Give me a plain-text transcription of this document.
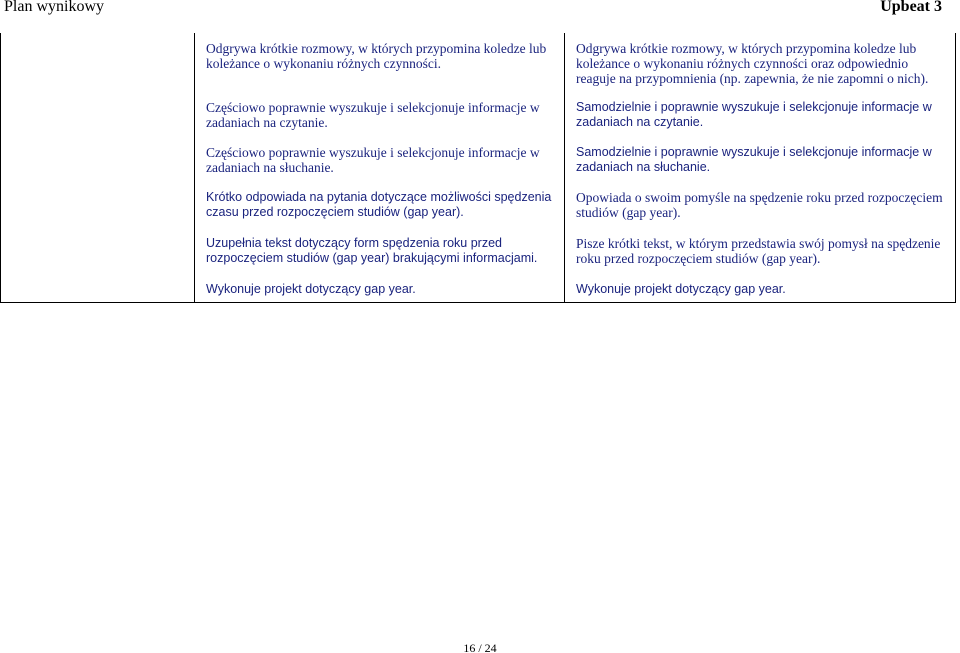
Plan wynikowy	Upbeat 3

Odgrywa krótkie rozmowy, w których przypomina koledze lub koleżance o wykonaniu różnych czynności.

Częściowo poprawnie wyszukuje i selekcjonuje informacje w zadaniach na czytanie.

Częściowo poprawnie wyszukuje i selekcjonuje informacje w zadaniach na słuchanie.

Krótko odpowiada na pytania dotyczące możliwości spędzenia czasu przed rozpoczęciem studiów (gap year).

Uzupełnia tekst dotyczący form spędzenia roku przed rozpoczęciem studiów (gap year) brakującymi informacjami.

Wykonuje projekt dotyczący gap year.

Odgrywa krótkie rozmowy, w których przypomina koledze lub koleżance o wykonaniu różnych czynności oraz odpowiednio reaguje na przypomnienia (np. zapewnia, że nie zapomni o nich).

Samodzielnie i poprawnie wyszukuje i selekcjonuje informacje w zadaniach na czytanie.

Samodzielnie i poprawnie wyszukuje i selekcjonuje informacje w zadaniach na słuchanie.

Opowiada o swoim pomyśle na spędzenie roku przed rozpoczęciem studiów (gap year).

Pisze krótki tekst, w którym przedstawia swój pomysł na spędzenie roku przed rozpoczęciem studiów (gap year).

Wykonuje projekt dotyczący gap year.

16 / 24
